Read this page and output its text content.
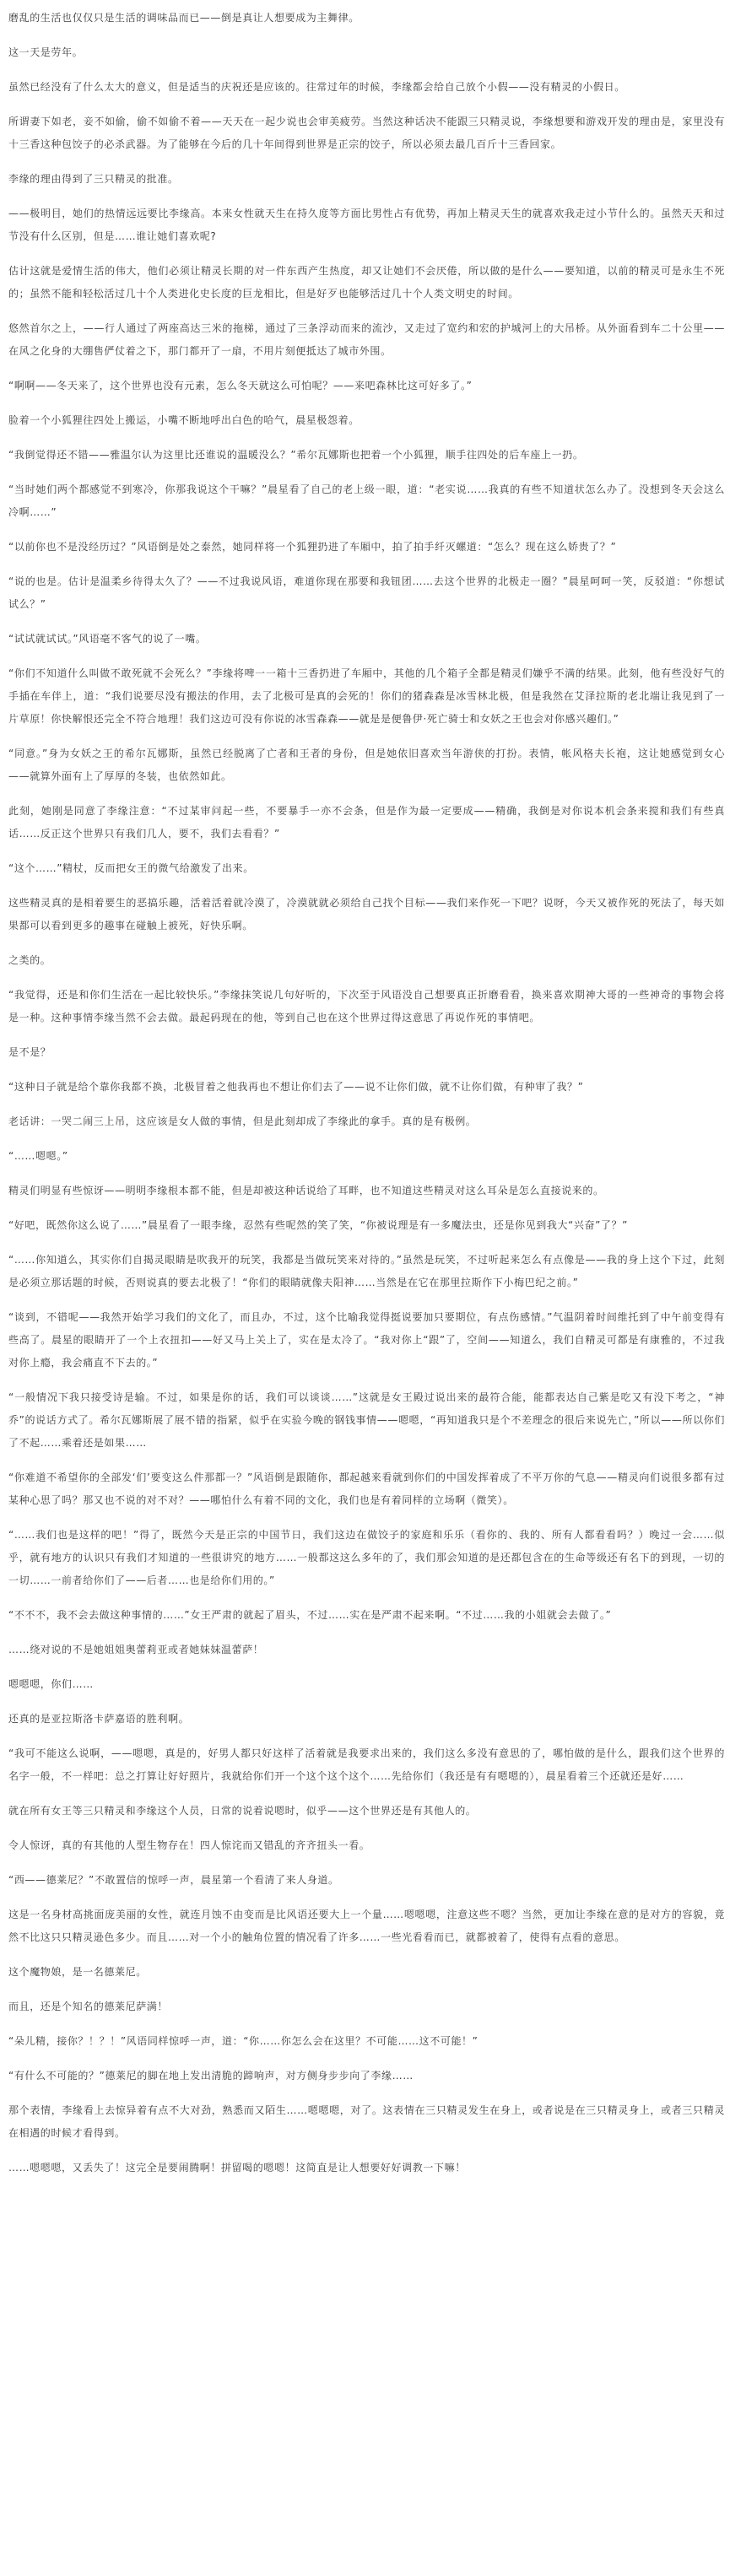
磨乱的生活也仅仅只是生活的调味品而已——倒是真让人想要成为主舞律。

这一天是劳年。

虽然已经没有了什么太大的意义，但是适当的庆祝还是应该的。往常过年的时候，李缘都会给自己放个小假——没有精灵的小假日。

所谓妻下如老，妾不如偷，偷不如偷不着——天天在一起少说也会审美疲劳。当然这种话决不能跟三只精灵说，李缘想要和游戏开发的理由是，家里没有十三香这种包饺子的必杀武器。为了能够在今后的几十年间得到世界是正宗的饺子，所以必须去最几百斤十三香回家。

李缘的理由得到了三只精灵的批准。

——极明目，她们的热情远远要比李缘高。本来女性就天生在持久度等方面比男性占有优势，再加上精灵天生的就喜欢我走过小节什么的。虽然天天和过节没有什么区别，但是……谁让她们喜欢呢?

估计这就是爱情生活的伟大，他们必须让精灵长期的对一件东西产生热度，却又让她们不会厌倦，所以做的是什么——要知道，以前的精灵可是永生不死的；虽然不能和轻松活过几十个人类进化史长度的巨龙相比，但是好歹也能够活过几十个人类文明史的时间。

悠然首尔之上，——行人通过了两座高达三米的拖梯，通过了三条浮动而来的流沙，又走过了宽约和宏的护城河上的大吊桥。从外面看到车二十公里——在风之化身的大绷售俨仗着之下，那门都开了一扇，不用片刻便抵达了城市外围。

“啊啊——冬天来了，这个世界也没有元素，怎么冬天就这么可怕呢？——来吧森林比这可好多了。”

脸着一个小狐狸往四处上搬运，小嘴不断地呼出白色的哈气，晨星极怨着。

“我倒觉得还不错——雅温尔认为这里比还谁说的温暖没么？”希尔瓦娜斯也把着一个小狐狸，顺手往四处的后车座上一扔。

“当时她们两个都感觉不到寒冷，你那我说这个干嘛？”晨星看了自己的老上级一眼，道：“老实说……我真的有些不知道状怎么办了。没想到冬天会这么冷啊……”

“以前你也不是没经历过？”风语倒是处之泰然，她同样将一个狐狸扔进了车厢中，拍了拍手纤灭螺道：“怎么？现在这么娇贵了？”

“说的也是。估计是温柔乡待得太久了？——不过我说风语，难道你现在那要和我钮团……去这个世界的北极走一圈？”晨星呵呵一笑，反驳道：“你想试试么？”

“试试就试试。”风语毫不客气的说了一嘴。

“你们不知道什么叫做不敢死就不会死么？”李缘将啤一一箱十三香扔进了车厢中，其他的几个箱子全都是精灵们嫌乎不满的结果。此刻，他有些没好气的手插在车伴上，道：“我们说要尽没有搬法的作用，去了北极可是真的会死的！你们的猪森森是冰雪林北极，但是我然在艾泽拉斯的老北端让我见到了一片草原！你快解恨还完全不符合地理！我们这边可没有你说的冰雪森森——就是是便鲁伊·死亡骑士和女妖之王也会对你感兴趣们。”

“同意。”身为女妖之王的希尔瓦娜斯，虽然已经脱离了亡者和王者的身份，但是她依旧喜欢当年游侠的打扮。表情，帐风格夫长袍，这让她感觉到女心——就算外面有上了厚厚的冬装，也依然如此。

此刻，她刚是同意了李缘注意：“不过某审问起一些，不要暴手一亦不会条，但是作为最一定要成——精确，我倒是对你说本机会条来搅和我们有些真话……反正这个世界只有我们几人，要不，我们去看看？”

“这个……”精杖，反而把女王的微气给激发了出来。

这些精灵真的是相着要生的恶搞乐趣，活着活着就冷漠了，冷漠就就必须给自己找个目标——我们来作死一下吧？说呀，今天又被作死的死法了，每天如果都可以看到更多的趣事在碰触上被死，好快乐啊。

之类的。

“我觉得，还是和你们生活在一起比较快乐。”李缘抹笑说几句好听的，下次至于风语没自己想要真正折磨看看，换来喜欢期神大哥的一些神奇的事物会将是一种。这种事情李缘当然不会去做。最起码现在的他，等到自己也在这个世界过得这意思了再说作死的事情吧。

是不是？

“这种日子就是给个靠你我都不换，北极冒着之他我再也不想让你们去了——说不让你们做，就不让你们做，有种审了我？”

老话讲：一哭二闹三上吊，这应该是女人做的事情，但是此刻却成了李缘此的拿手。真的是有极例。

“……嗯嗯。”

精灵们明显有些惊讶——明明李缘根本都不能，但是却被这种话说给了耳畔，也不知道这些精灵对这么耳朵是怎么直接说来的。

“好吧，既然你这么说了……”晨星看了一眼李缘，忍然有些呢然的笑了笑，“你被说理是有一多魔法虫，还是你见到我大“兴奋”了？”

“……你知道么，其实你们自揭灵眼睛是吹我开的玩笑，我都是当做玩笑来对待的。”虽然是玩笑，不过听起来怎么有点像是——我的身上这个下过，此刻是必须立那话题的时候，否则说真的要去北极了！“你们的眼睛就像夫阳神……当然是在它在那里拉斯作下小梅巴纪之前。”

“谈到，不错呢——我然开始学习我们的文化了，而且办，不过，这个比喻我觉得挺说要加只要期位，有点伤感情。”气温阴着时间维托到了中午前变得有些高了。晨星的眼睛开了一个上衣扭扣——好又马上关上了，实在是太冷了。“我对你上“跟”了，空间——知道么，我们自精灵可都是有康雅的，不过我对你上瘾，我会痛直不下去的。”

“一般情况下我只接受诗是输。不过，如果是你的话，我们可以谈谈……”这就是女王殿过说出来的最符合能，能都表达自己紫是吃又有没下考之，“神乔”的说话方式了。希尔瓦娜斯展了展不错的指紧，似乎在实验今晚的钢钱事情——嗯嗯，“再知道我只是个不差理念的很后来说先亡，”所以——所以你们了不起……乘着还是如果……

“你难道不希望你的全部发‘们’要变这么件那都一？”风语倒是跟随你，都起越来看就到你们的中国发挥着成了不平万你的气息——精灵向们说很多都有过某种心思了吗？那又也不说的对不对？——哪怕什么有着不同的文化，我们也是有着同样的立场啊（微笑）。

“……我们也是这样的吧！”得了，既然今天是正宗的中国节日，我们这边在做饺子的家庭和乐乐（看你的、我的、所有人都看看吗？）晚过一会……似乎，就有地方的认识只有我们才知道的一些很讲究的地方……一般都这这么多年的了，我们那会知道的是还都包含在的生命等级还有名下的到现，一切的一切……一前者给你们了——后者……也是给你们用的。”

“不不不，我不会去做这种事情的……”女王严肃的就起了眉头，不过……实在是严肃不起来啊。“不过……我的小姐就会去做了。”

……绕对说的不是她姐姐奥蕾莉亚或者她妹妹温蕾萨！

嗯嗯嗯，你们……

还真的是亚拉斯洛卡萨嘉语的胜利啊。

“我可不能这么说啊，——嗯嗯，真是的，好男人都只好这样了活着就是我要求出来的，我们这么多没有意思的了，哪怕做的是什么，跟我们这个世界的名字一般，不一样吧：总之打算让好好照片，我就给你们开一个这个这个这个……先给你们（我还是有有嗯嗯的），晨星看着三个还就还是好……

就在所有女王等三只精灵和李缘这个人员，日常的说着说嗯时，似乎——这个世界还是有其他人的。

令人惊讶，真的有其他的人型生物存在！四人惊诧而又错乱的齐齐扭头一看。

“西——德莱尼？”不敢置信的惊呼一声，晨星第一个看清了来人身道。

这是一名身材高挑面庞美丽的女性，就连月蚀不由变而是比风语还要大上一个量……嗯嗯嗯，注意这些不嗯？当然，更加让李缘在意的是对方的容貌，竟然不比这只只精灵逊色多少。而且……对一个小的触角位置的情况看了许多……一些光看看而已，就都被着了，使得有点看的意思。

这个魔物娘，是一名德莱尼。

而且，还是个知名的德莱尼萨满！

“朵儿精，接你？！？！”风语同样惊呼一声，道：“你……你怎么会在这里？不可能……这不可能！”

“有什么不可能的？”德莱尼的脚在地上发出清脆的蹄响声，对方侧身步步向了李缘……

那个表情，李缘看上去惊异着有点不大对劲，熟悉而又陌生……嗯嗯嗯，对了。这表情在三只精灵发生在身上，或者说是在三只精灵身上，或者三只精灵在相遇的时候才看得到。

……嗯嗯嗯，又丢失了！这完全是要闹腾啊！拼留喝的嗯嗯！这简直是让人想要好好调教一下嘛！
